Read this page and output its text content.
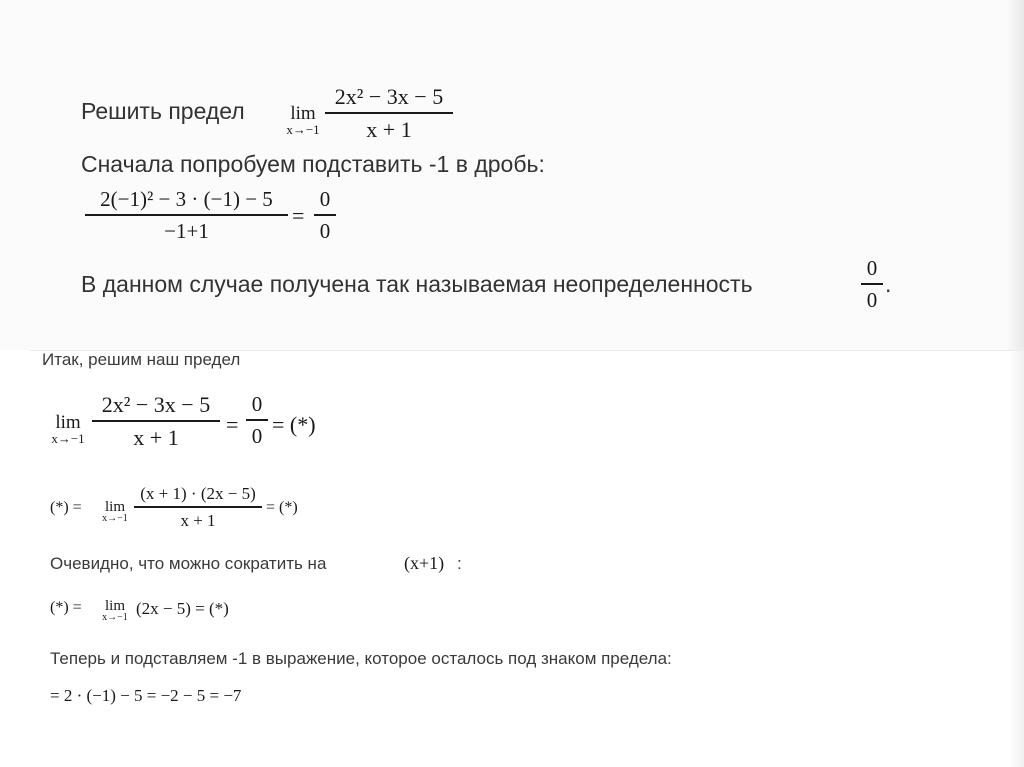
Решить предел	lim
x→−1
2x² − 3x − 5
x + 1
Сначала попробуем подставить -1 в дробь:
2(−1)² − 3 · (−1) − 5
−1+1
=
0
0
В данном случае получена так называемая неопределенность
0
0
.
Итак, решим наш предел
lim
x→−1
2x² − 3x − 5
x + 1	=
0
0 = (*)
(*) =	lim
x→−1
(x + 1) · (2x − 5)
x + 1
= (*)
Очевидно, что можно сократить на	(x+1) :
(*) =	lim
x→−1 (2x − 5) = (*)
Теперь и подставляем -1 в выражение, которое осталось под знаком предела:
= 2 · (−1) − 5 = −2 − 5 = −7
